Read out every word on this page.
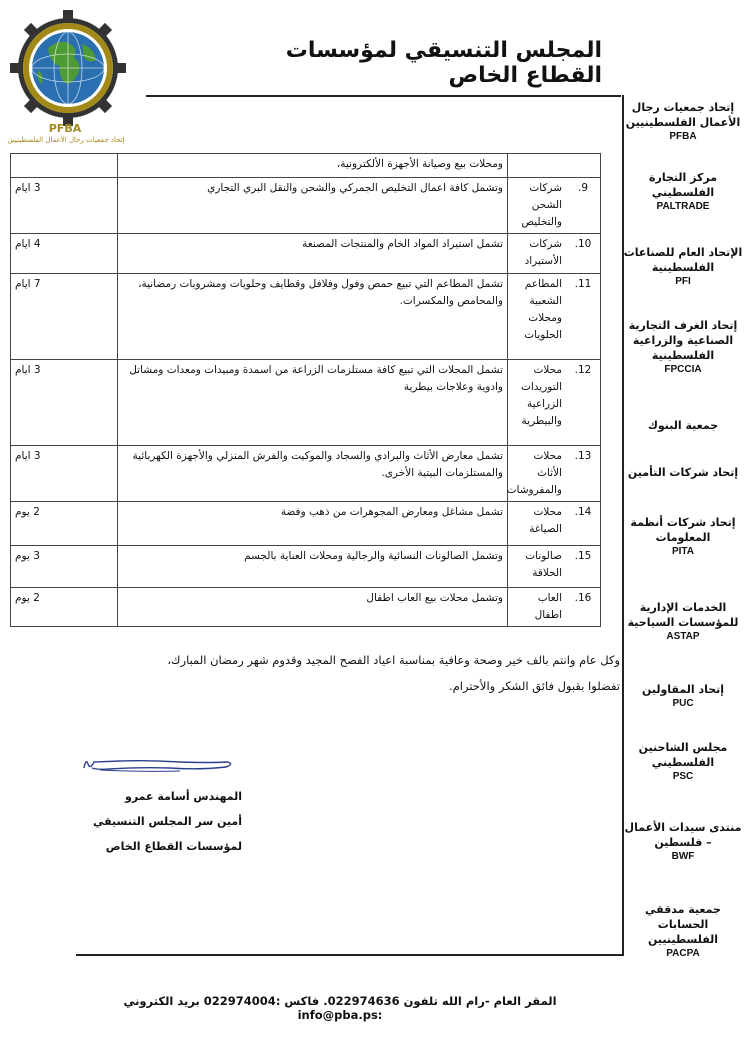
المجلس التنسيقي لمؤسسات القطاع الخاص
PFBA
إتحاد جمعيات رجال الأعمال الفلسطينيين
إتحاد جمعيات رجال الأعمال الفلسطينيين
PFBA
مركز التجارة الفلسطيني
PALTRADE
الإتحاد العام للصناعات الفلسطينية
PFI
إتحاد الغرف التجارية الصناعية والزراعية الفلسطينية
FPCCIA
جمعية البنوك
إتحاد شركات التأمين
إتحاد شركات أنظمة المعلومات
PITA
الخدمات الإدارية للمؤسسات السياحية
ASTAP
إتحاد المقاولين
PUC
مجلس الشاحنين الفلسطيني
PSC
منتدى سيدات الأعمال – فلسطين
BWF
جمعية مدققي الحسابات الفلسطينيين
PACPA
		ومحلات بيع وصيانة الأجهزة الألكترونية،	
9.	شركات الشحن والتخليص	وتشمل كافة اعمال التخليص الجمركي والشحن والنقل البري التجاري	3 ايام
10.	شركات الأستيراد	تشمل استيراد المواد الخام والمنتجات المصنعة	4 ايام
11.	المطاعم الشعبية ومحلات الحلويات	تشمل المطاعم التي تبيع حمص وفول وفلافل وقطايف وحلويات ومشروبات رمضانية، والمحامص والمكسرات.	7 ايام
12.	محلات التوريدات الزراعية والبيطرية	تشمل المحلات التي تبيع كافة مستلزمات الزراعة من اسمدة ومبيدات ومعدات ومشاتل وادوية وعلاجات بيطرية	3 ايام
13.	محلات الأثاث والمفروشات	تشمل معارض الأثاث والبرادي والسجاد والموكيت والفرش المنزلي والأجهزة الكهربائية والمستلزمات البيتية الأخرى.	3 ايام
14.	محلات الصياغة	تشمل مشاغل ومعارض المجوهرات من ذهب وفضة	2 يوم
15.	صالونات الحلاقة	وتشمل الصالونات النسائية والرجالية ومحلات العناية بالجسم	3 يوم
16.	العاب اطفال	وتشمل محلات بيع العاب اطفال	2 يوم
وكل عام وانتم بالف خير وصحة وعافية بمناسبة اعياد الفصح المجيد وقدوم شهر رمضان المبارك،
تفضلوا بقبول فائق الشكر والأحترام.
المهندس أسامة عمرو
أمين سر المجلس التنسيقي
لمؤسسات القطاع الخاص
المقر العام -رام الله تلفون 022974636. فاكس :022974004 بريد الكتروني :info@pba.ps
